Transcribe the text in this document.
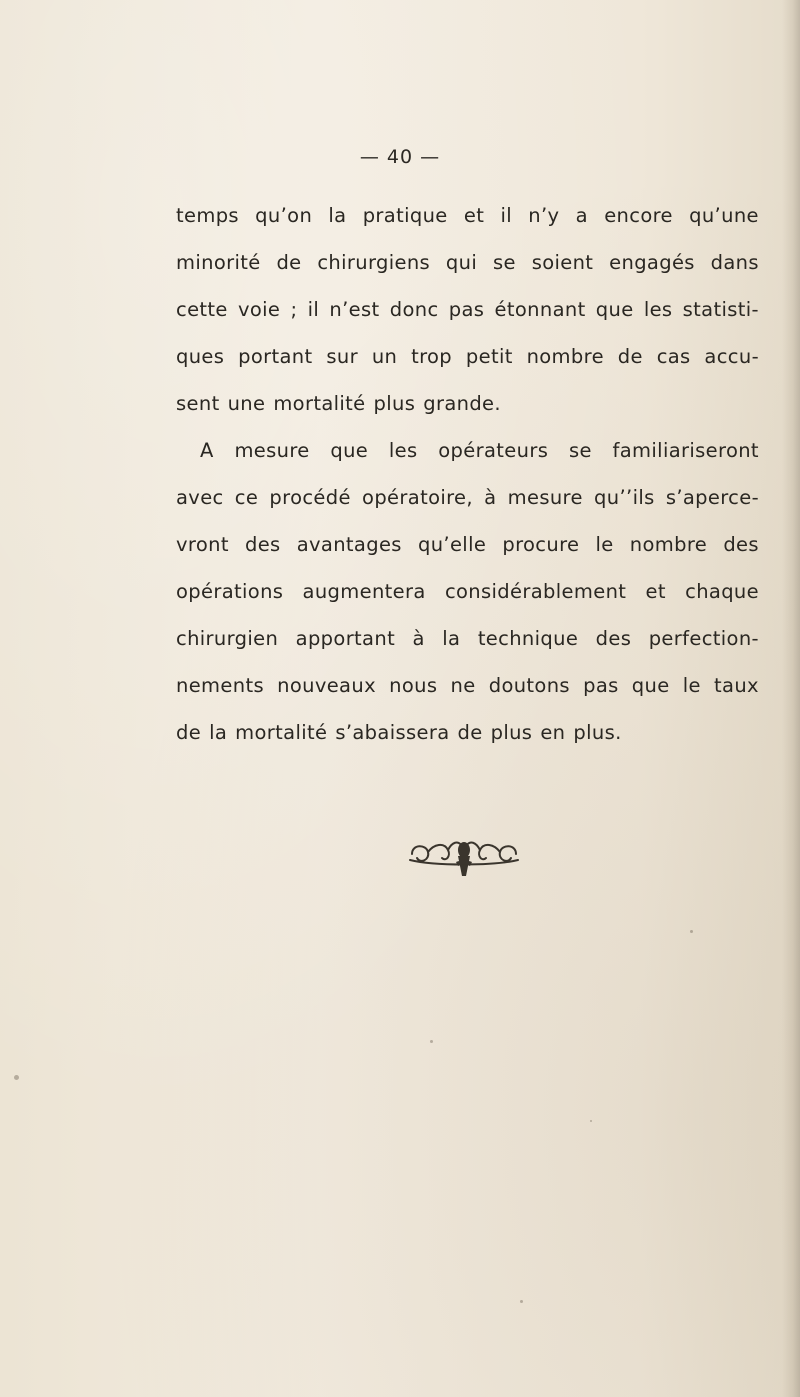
— 40 —
temps qu’on la pratique et il n’y a encore qu’une
minorité de chirurgiens qui se soient engagés dans
cette voie ; il n’est donc pas étonnant que les statisti-
ques portant sur un trop petit nombre de cas accu-
sent une mortalité plus grande.
A mesure que les opérateurs se familiariseront
avec ce procédé opératoire, à mesure qu’’ils s’aperce-
vront des avantages qu’elle procure le nombre des
opérations augmentera considérablement et chaque
chirurgien apportant à la technique des perfection-
nements nouveaux nous ne doutons pas que le taux
de la mortalité s’abaissera de plus en plus.
